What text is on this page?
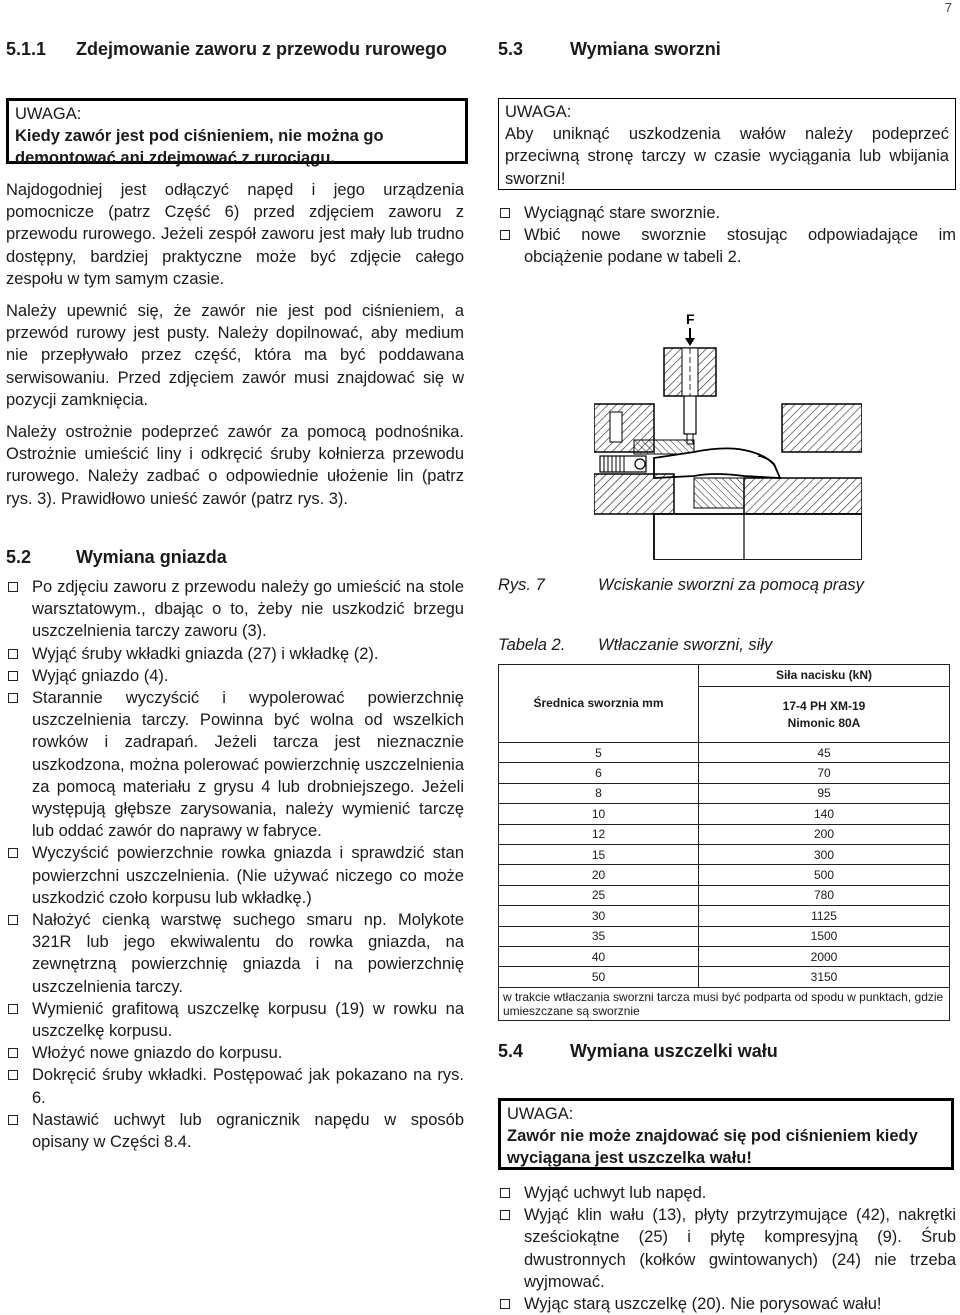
7
5.1.1 Zdejmowanie zaworu z przewodu rurowego
UWAGA:
Kiedy zawór jest pod ciśnieniem, nie można go
demontować ani zdejmować z rurociągu.

Najdogodniej jest odłączyć napęd i jego urządzenia pomocnicze (patrz Część 6) przed zdjęciem zaworu z przewodu rurowego. Jeżeli zespół zaworu jest mały lub trudno dostępny, bardziej praktyczne może być zdjęcie całego zespołu w tym samym czasie.

Należy upewnić się, że zawór nie jest pod ciśnieniem, a przewód rurowy jest pusty. Należy dopilnować, aby medium nie przepływało przez część, która ma być poddawana serwisowaniu. Przed zdjęciem zawór musi znajdować się w pozycji zamknięcia.

Należy ostrożnie podeprzeć zawór za pomocą podnośnika. Ostrożnie umieścić liny i odkręcić śruby kołnierza przewodu rurowego. Należy zadbać o odpowiednie ułożenie lin (patrz rys. 3). Prawidłowo unieść zawór (patrz rys. 3).

5.2 Wymiana gniazda
Po zdjęciu zaworu z przewodu należy go umieścić na stole warsztatowym., dbając o to, żeby nie uszkodzić brzegu uszczelnienia tarczy zaworu (3).
Wyjąć śruby wkładki gniazda (27) i wkładkę (2).
Wyjąć gniazdo (4).
Starannie wyczyścić i wypolerować powierzchnię uszczelnienia tarczy. Powinna być wolna od wszelkich rowków i zadrapań. Jeżeli tarcza jest nieznacznie uszkodzona, można polerować powierzchnię uszczelnienia za pomocą materiału z grysu 4 lub drobniejszego. Jeżeli występują głębsze zarysowania, należy wymienić tarczę lub oddać zawór do naprawy w fabryce.
Wyczyścić powierzchnie rowka gniazda i sprawdzić stan powierzchni uszczelnienia. (Nie używać niczego co może uszkodzić czoło korpusu lub wkładkę.)
Nałożyć cienką warstwę suchego smaru np. Molykote 321R lub jego ekwiwalentu do rowka gniazda, na zewnętrzną powierzchnię gniazda i na powierzchnię uszczelnienia tarczy.
Wymienić grafitową uszczelkę korpusu (19) w rowku na uszczelkę korpusu.
Włożyć nowe gniazdo do korpusu.
Dokręcić śruby wkładki. Postępować jak pokazano na rys. 6.
Nastawić uchwyt lub ogranicznik napędu w sposób opisany w Części 8.4.
5.3	Wymiana sworzni
UWAGA:
Aby uniknąć uszkodzenia wałów należy podeprzeć przeciwną stronę tarczy w czasie wyciągania lub wbijania sworzni!
Wyciągnąć stare sworznie.
Wbić nowe sworznie stosując odpowiadające im obciążenie podane w tabeli 2.
F
Rys. 7	Wciskanie sworzni za pomocą prasy
Tabela 2. Wtłaczanie sworzni, siły
Średnica sworznia mm	Siła nacisku (kN)
	17-4 PH XM-19 Nimonic 80A
5	45
6	70
8	95
10	140
12	200
15	300
20	500
25	780
30	1125
35	1500
40	2000
50	3150
w trakcie wtłaczania sworzni tarcza musi być podparta od spodu w punktach, gdzie umieszczane są sworznie	
5.4	Wymiana uszczelki wału
UWAGA:
Zawór nie może znajdować się pod ciśnieniem kiedy wyciągana jest uszczelka wału!
Wyjąć uchwyt lub napęd.
Wyjąć klin wału (13), płyty przytrzymujące (42), nakrętki sześciokątne (25) i płytę kompresyjną (9). Śrub dwustronnych (kołków gwintowanych) (24) nie trzeba wyjmować.
Wyjąc starą uszczelkę (20). Nie porysować wału!
